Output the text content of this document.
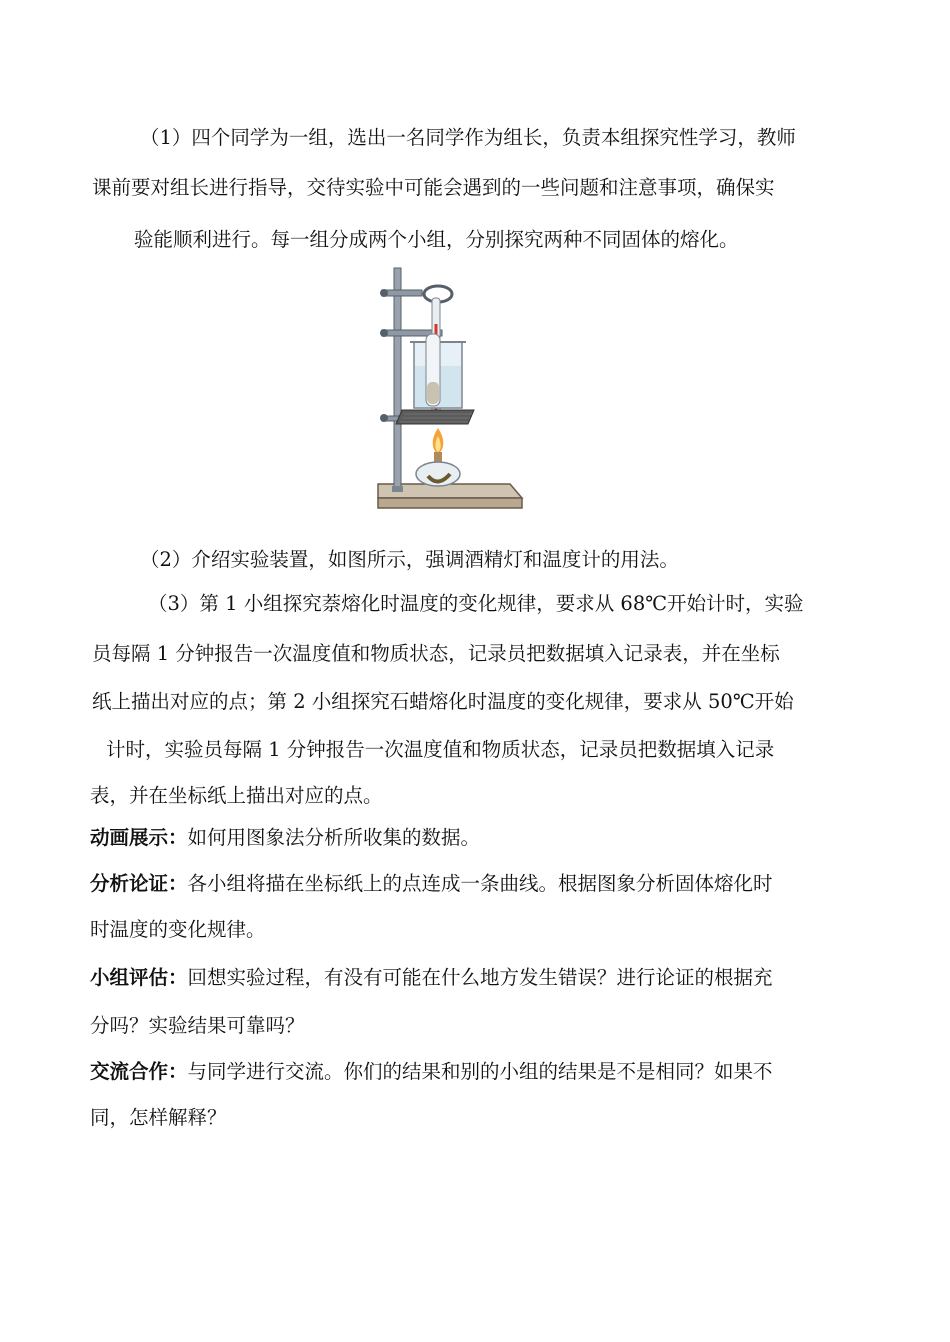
（1）四个同学为一组，选出一名同学作为组长，负责本组探究性学习，教师
课前要对组长进行指导，交待实验中可能会遇到的一些问题和注意事项，确保实
验能顺利进行。每一组分成两个小组，分别探究两种不同固体的熔化。
（2）介绍实验装置，如图所示，强调酒精灯和温度计的用法。
（3）第 1 小组探究萘熔化时温度的变化规律，要求从 68℃开始计时，实验
员每隔 1 分钟报告一次温度值和物质状态，记录员把数据填入记录表，并在坐标
纸上描出对应的点；第 2 小组探究石蜡熔化时温度的变化规律，要求从 50℃开始
计时，实验员每隔 1 分钟报告一次温度值和物质状态，记录员把数据填入记录
表，并在坐标纸上描出对应的点。
动画展示：如何用图象法分析所收集的数据。
分析论证：各小组将描在坐标纸上的点连成一条曲线。根据图象分析固体熔化时
时温度的变化规律。
小组评估：回想实验过程，有没有可能在什么地方发生错误？进行论证的根据充
分吗？实验结果可靠吗？
交流合作：与同学进行交流。你们的结果和别的小组的结果是不是相同？如果不
同，怎样解释？
